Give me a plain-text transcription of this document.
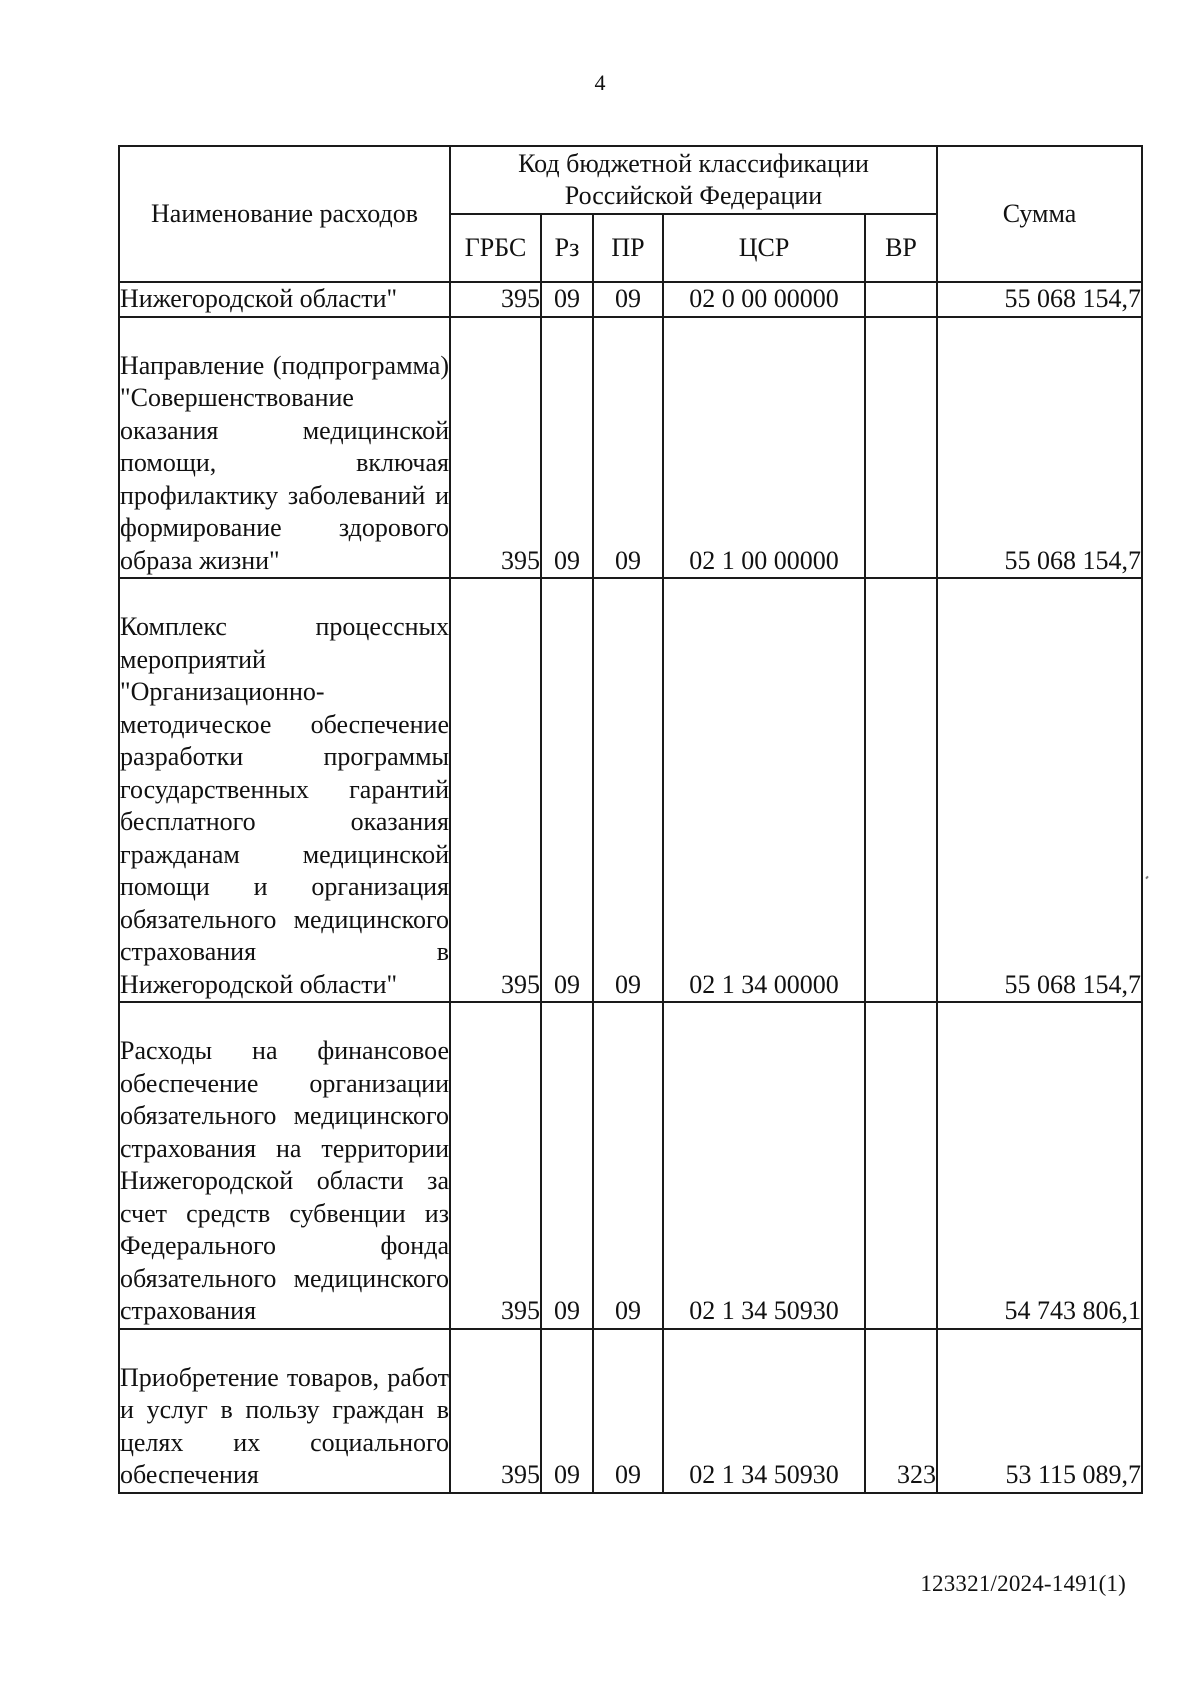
4
Наименование расходов	Код бюджетной классификации Российской Федерации					Сумма
	ГРБС	Рз	ПР	ЦСР	ВР	
Нижегородской области"	395	09	09	02 0 00 00000		55 068 154,7
Направление (подпрограмма) "Совершенствование оказания медицинской помощи, включая профилактику заболеваний и формирование здорового образа жизни"	395	09	09	02 1 00 00000		55 068 154,7
Комплекс процессных мероприятий "Организационно-методическое обеспечение разработки программы государственных гарантий бесплатного оказания гражданам медицинской помощи и организация обязательного медицинского страхования в Нижегородской области"	395	09	09	02 1 34 00000		55 068 154,7
Расходы на финансовое обеспечение организации обязательного медицинского страхования на территории Нижегородской области за счет средств субвенции из Федерального фонда обязательного медицинского страхования	395	09	09	02 1 34 50930		54 743 806,1
Приобретение товаров, работ и услуг в пользу граждан в целях их социального обеспечения	395	09	09	02 1 34 50930	323	53 115 089,7
123321/2024-1491(1)
